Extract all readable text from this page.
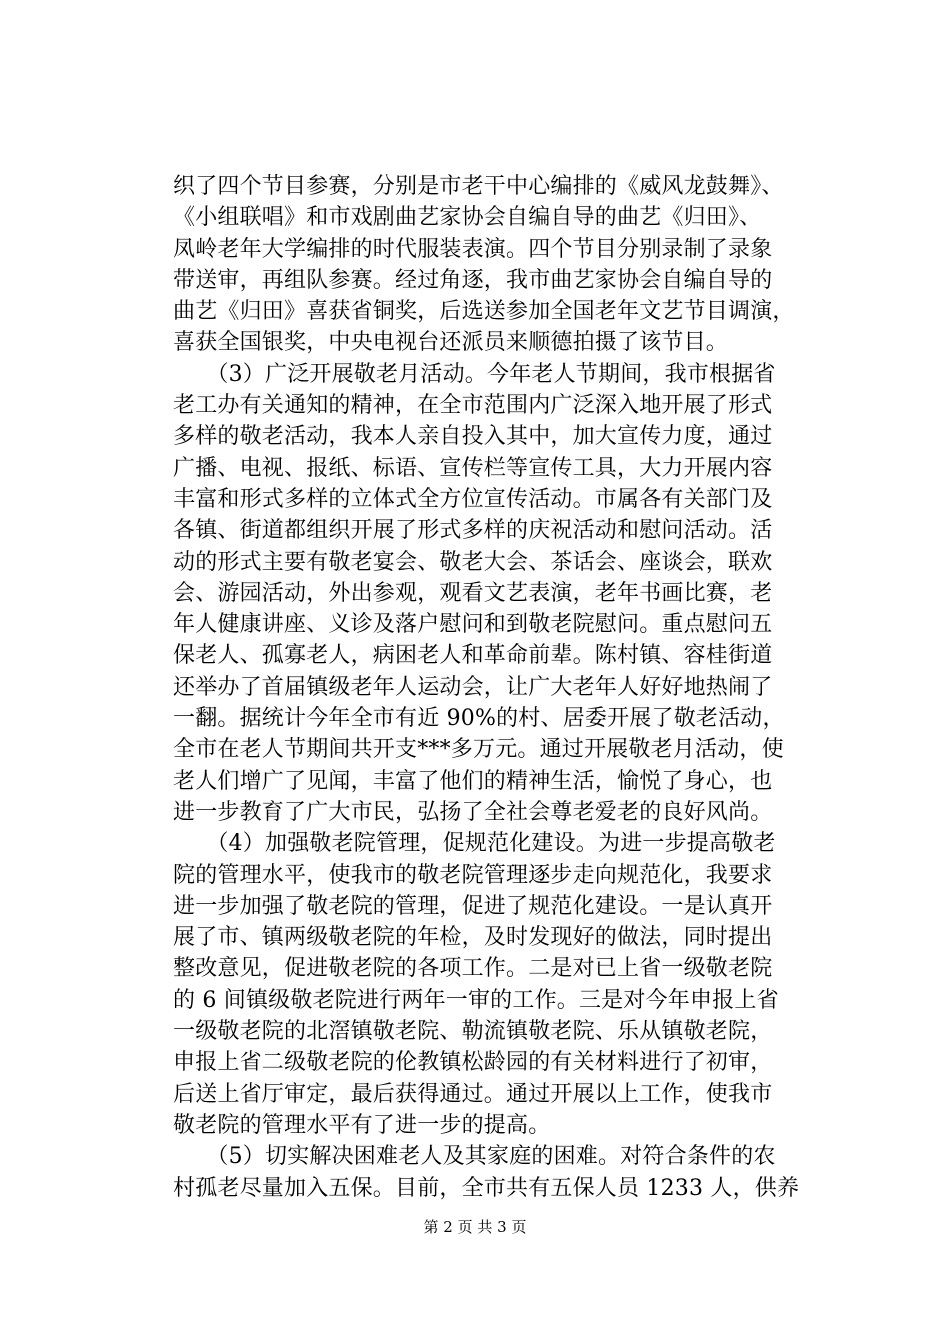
织了四个节目参赛，分别是市老干中心编排的《威风龙鼓舞》、
《小组联唱》和市戏剧曲艺家协会自编自导的曲艺《归田》、
凤岭老年大学编排的时代服装表演。四个节目分别录制了录象
带送审，再组队参赛。经过角逐，我市曲艺家协会自编自导的
曲艺《归田》喜获省铜奖，后选送参加全国老年文艺节目调演，
喜获全国银奖，中央电视台还派员来顺德拍摄了该节目。
　　（3）广泛开展敬老月活动。今年老人节期间，我市根据省
老工办有关通知的精神，在全市范围内广泛深入地开展了形式
多样的敬老活动，我本人亲自投入其中，加大宣传力度，通过
广播、电视、报纸、标语、宣传栏等宣传工具，大力开展内容
丰富和形式多样的立体式全方位宣传活动。市属各有关部门及
各镇、街道都组织开展了形式多样的庆祝活动和慰问活动。活
动的形式主要有敬老宴会、敬老大会、茶话会、座谈会，联欢
会、游园活动，外出参观，观看文艺表演，老年书画比赛，老
年人健康讲座、义诊及落户慰问和到敬老院慰问。重点慰问五
保老人、孤寡老人，病困老人和革命前辈。陈村镇、容桂街道
还举办了首届镇级老年人运动会，让广大老年人好好地热闹了
一翻。据统计今年全市有近 90%的村、居委开展了敬老活动，
全市在老人节期间共开支***多万元。通过开展敬老月活动，使
老人们增广了见闻，丰富了他们的精神生活，愉悦了身心，也
进一步教育了广大市民，弘扬了全社会尊老爱老的良好风尚。
　　（4）加强敬老院管理，促规范化建设。为进一步提高敬老
院的管理水平，使我市的敬老院管理逐步走向规范化，我要求
进一步加强了敬老院的管理，促进了规范化建设。一是认真开
展了市、镇两级敬老院的年检，及时发现好的做法，同时提出
整改意见，促进敬老院的各项工作。二是对已上省一级敬老院
的 6 间镇级敬老院进行两年一审的工作。三是对今年申报上省
一级敬老院的北滘镇敬老院、勒流镇敬老院、乐从镇敬老院，
申报上省二级敬老院的伦教镇松龄园的有关材料进行了初审，
后送上省厅审定，最后获得通过。通过开展以上工作，使我市
敬老院的管理水平有了进一步的提高。
　　（5）切实解决困难老人及其家庭的困难。对符合条件的农
村孤老尽量加入五保。目前，全市共有五保人员 1233 人，供养
第 2 页 共 3 页
